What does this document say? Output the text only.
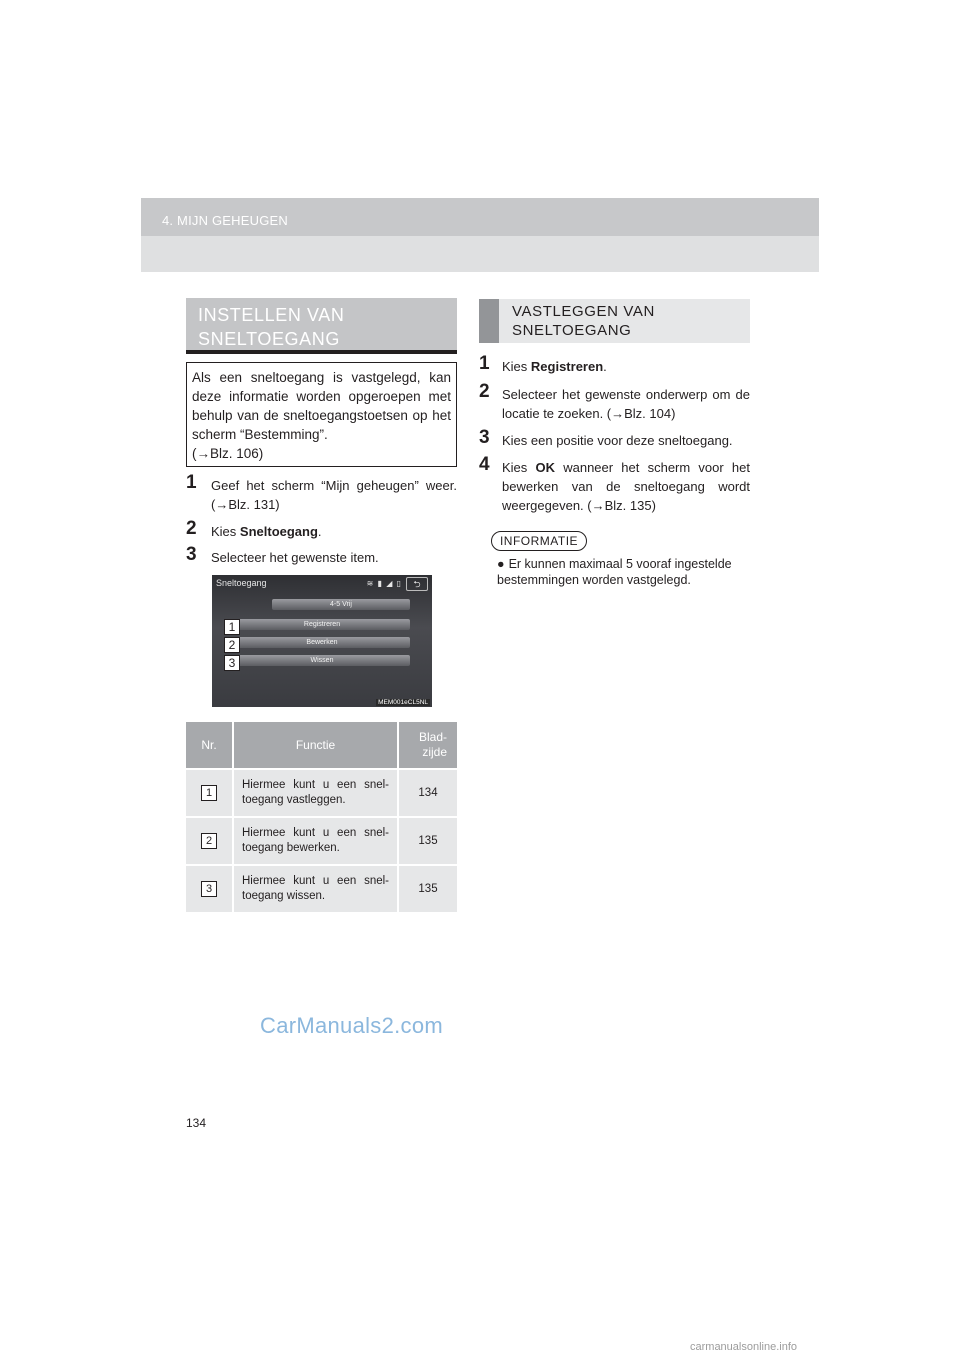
4. MIJN GEHEUGEN
INSTELLEN VAN
SNELTOEGANG
Als een sneltoegang is vastgelegd, kan deze informatie worden opgeroepen met behulp van de sneltoegangstoetsen op het scherm “Bestemming”.
(→Blz. 106)
1	Geef het scherm “Mijn geheugen” weer. (→Blz. 131)
2	Kies Sneltoegang.
3	Selecteer het gewenste item.
Sneltoegang	≋ ▮ ◢ ▯	⮌
4-5 Vrij
Registreren
Bewerken
Wissen
MEM001eCL5NL
1
2
3
Nr.	Functie	Blad-
zijde
1	Hiermee kunt u een snel-toegang vastleggen.	134
2	Hiermee kunt u een snel-toegang bewerken.	135
3	Hiermee kunt u een snel-toegang wissen.	135
VASTLEGGEN VAN
SNELTOEGANG
1 Kies Registreren.
2 Selecteer het gewenste onderwerp om de locatie te zoeken. (→Blz. 104)
3 Kies een positie voor deze sneltoegang.
4 Kies OK wanneer het scherm voor het bewerken van de sneltoegang wordt weergegeven. (→Blz. 135)
INFORMATIE
● Er kunnen maximaal 5 vooraf ingestelde bestemmingen worden vastgelegd.
CarManuals2.com
134
carmanualsonline.info
